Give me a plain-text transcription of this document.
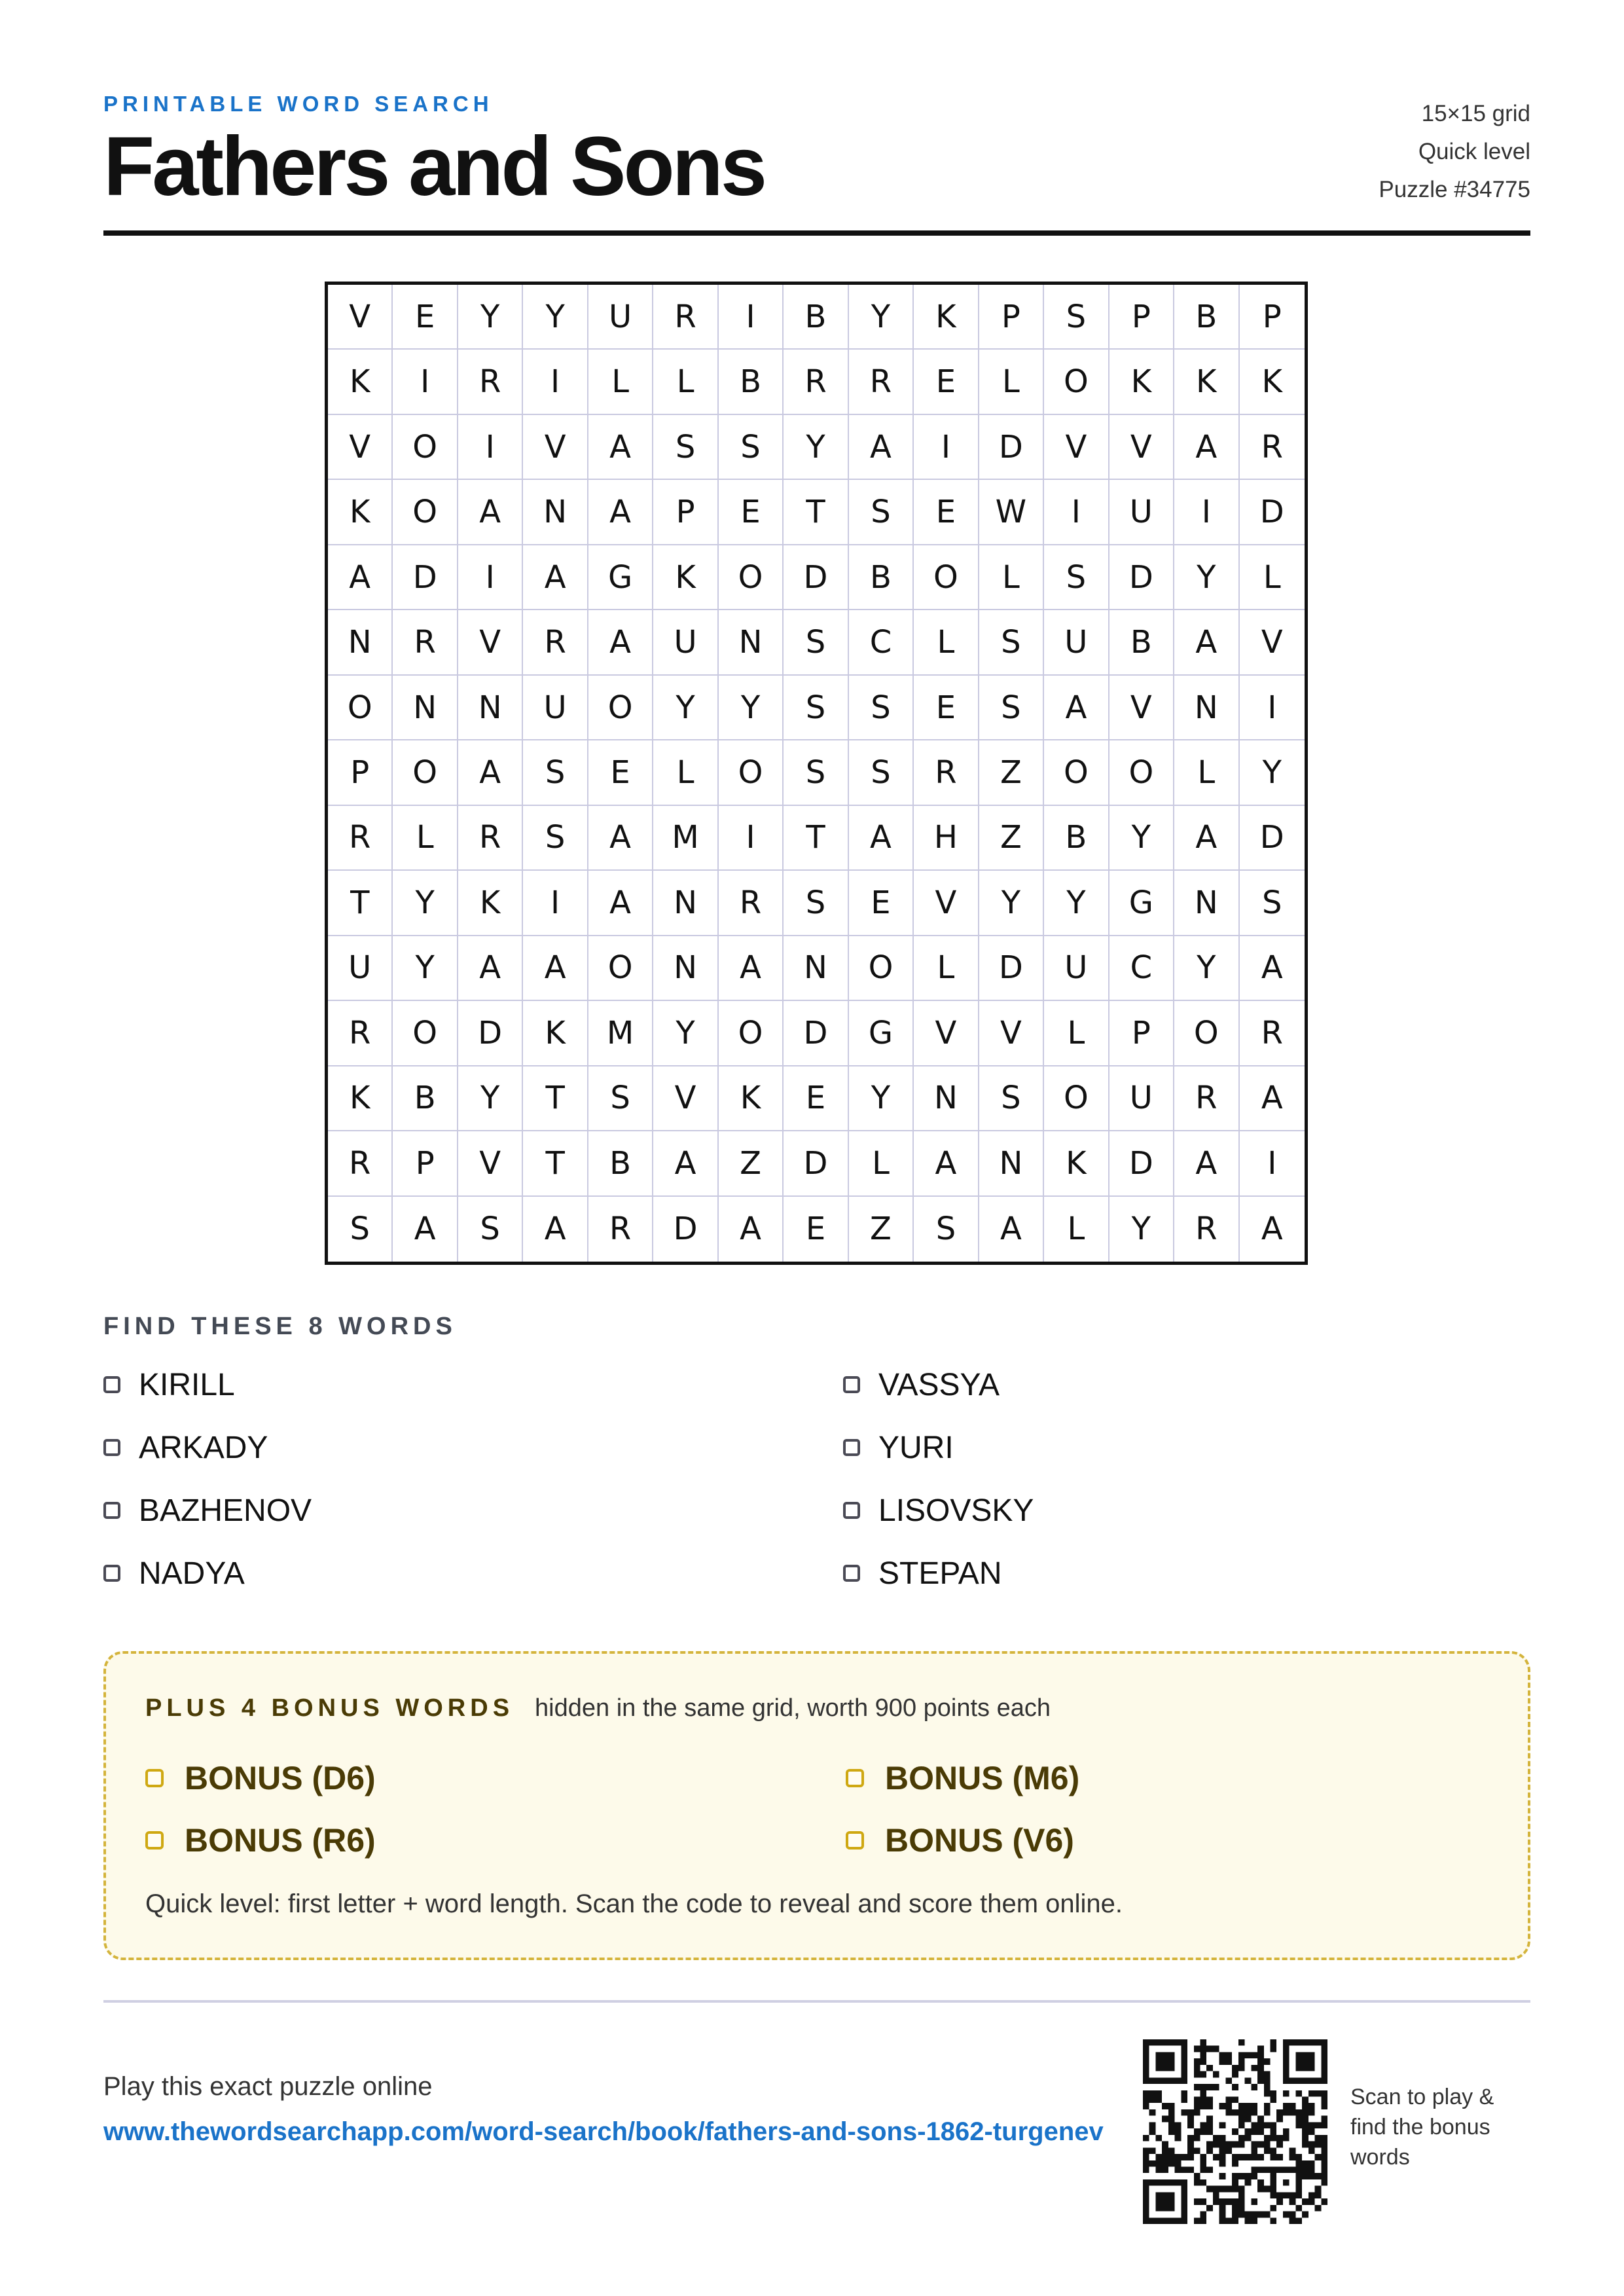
PRINTABLE WORD SEARCH
Fathers and Sons
15×15 grid
Quick level
Puzzle #34775
V	E	Y	Y	U	R	I	B	Y	K	P	S	P	B	P
K	I	R	I	L	L	B	R	R	E	L	O	K	K	K
V	O	I	V	A	S	S	Y	A	I	D	V	V	A	R
K	O	A	N	A	P	E	T	S	E	W	I	U	I	D
A	D	I	A	G	K	O	D	B	O	L	S	D	Y	L
N	R	V	R	A	U	N	S	C	L	S	U	B	A	V
O	N	N	U	O	Y	Y	S	S	E	S	A	V	N	I
P	O	A	S	E	L	O	S	S	R	Z	O	O	L	Y
R	L	R	S	A	M	I	T	A	H	Z	B	Y	A	D
T	Y	K	I	A	N	R	S	E	V	Y	Y	G	N	S
U	Y	A	A	O	N	A	N	O	L	D	U	C	Y	A
R	O	D	K	M	Y	O	D	G	V	V	L	P	O	R
K	B	Y	T	S	V	K	E	Y	N	S	O	U	R	A
R	P	V	T	B	A	Z	D	L	A	N	K	D	A	I
S	A	S	A	R	D	A	E	Z	S	A	L	Y	R	A
FIND THESE 8 WORDS
KIRILL	VASSYA
ARKADY	YURI
BAZHENOV	LISOVSKY
NADYA	STEPAN
PLUS 4 BONUS WORDS hidden in the same grid, worth 900 points each
BONUS (D6)	BONUS (M6)
BONUS (R6)	BONUS (V6)
Quick level: first letter + word length. Scan the code to reveal and score them online.
Play this exact puzzle online
www.thewordsearchapp.com/word-search/book/fathers-and-sons-1862-turgenev
Scan to play & find the bonus words
